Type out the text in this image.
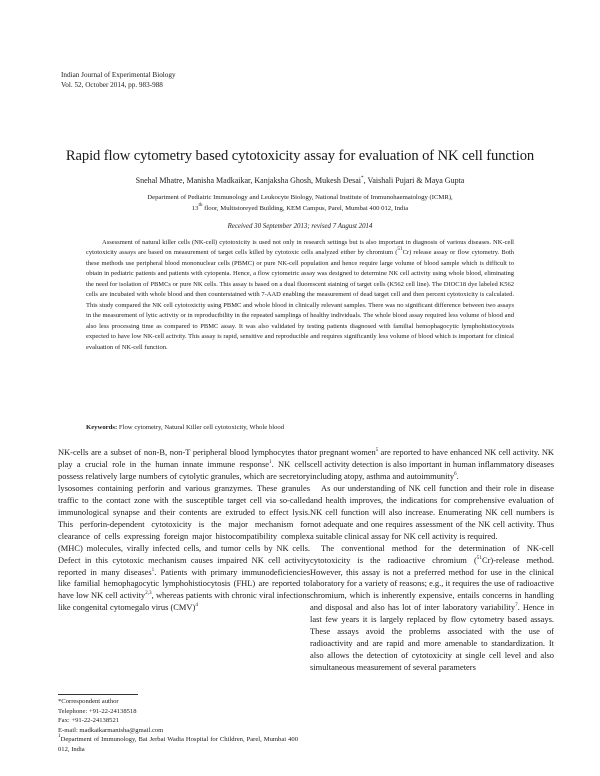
Indian Journal of Experimental Biology
Vol. 52, October 2014, pp. 983-988
Rapid flow cytometry based cytotoxicity assay for evaluation of NK cell function
Snehal Mhatre, Manisha Madkaikar, Kanjaksha Ghosh, Mukesh Desai*, Vaishali Pujari & Maya Gupta
Department of Pediatric Immunology and Leukocyte Biology, National Institute of Immunohaematology (ICMR),
13th floor, Multistoreyed Building, KEM Campus, Parel, Mumbai 400 012, India
Received 30 September 2013; revised 7 August 2014
Assessment of natural killer cells (NK-cell) cytotoxicity is used not only in research settings but is also important in diagnosis of various diseases. NK-cell cytotoxicity assays are based on measurement of target cells killed by cytotoxic cells analyzed either by chromium ($^{51}$Cr) release assay or flow cytometry. Both these methods use peripheral blood mononuclear cells (PBMC) or pure NK-cell population and hence require large volume of blood sample which is difficult to obtain in pediatric patients and patients with cytopenia. Hence, a flow cytometric assay was designed to determine NK cell activity using whole blood, eliminating the need for isolation of PBMCs or pure NK cells. This assay is based on a dual fluorescent staining of target cells (K562 cell line). The DIOC18 dye labeled K562 cells are incubated with whole blood and then counterstained with 7-AAD enabling the measurement of dead target cell and then percent cytotoxicity is calculated. This study compared the NK cell cytotoxicity using PBMC and whole blood in clinically relevant samples. There was no significant difference between two assays in the measurement of lytic activity or in reproducibility in the repeated samplings of healthy individuals. The whole blood assay required less volume of blood and also less processing time as compared to PBMC assay. It was also validated by testing patients diagnosed with familial hemophagocytic lymphohistiocytosis expected to have low NK-cell activity. This assay is rapid, sensitive and reproducible and requires significantly less volume of blood which is important for clinical evaluation of NK-cell function.
Keywords: Flow cytometry, Natural Killer cell cytotoxicity, Whole blood

NK-cells are a subset of non-B, non-T peripheral blood lymphocytes that play a crucial role in the human innate immune response$^1$. NK cells possess relatively large numbers of cytolytic granules, which are secretory lysosomes containing perforin and various granzymes. These granules traffic to the contact zone with the susceptible target cell via so-called immunological synapse and their contents are extruded to effect lysis. This perforin-dependent cytotoxicity is the major mechanism for clearance of cells expressing foreign major histocompatibility complex (MHC) molecules, virally infected cells, and tumor cells by NK cells. Defect in this cytotoxic mechanism causes impaired NK cell activity reported in many diseases$^1$. Patients with primary immunodeficiencies like familial hemophagocytic lymphohistiocytosis (FHL) are reported to have low NK cell activity$^{2,3}$, whereas patients with chronic viral infections like congenital cytomegalo virus (CMV)$^4$

or pregnant women$^5$ are reported to have enhanced NK cell activity. NK cell activity detection is also important in human inflammatory diseases including atopy, asthma and autoimmunity$^6$.

As our understanding of NK cell function and their role in disease and health improves, the indications for comprehensive evaluation of NK cell function will also increase. Enumerating NK cell numbers is not adequate and one requires assessment of the NK cell activity. Thus a suitable clinical assay for NK cell activity is required.

The conventional method for the determination of NK-cell cytotoxicity is the radioactive chromium ($^{51}$Cr)-release method. However, this assay is not a preferred method for use in the clinical laboratory for a variety of reasons; e.g., it requires the use of radioactive chromium, which is inherently expensive, entails concerns in handling and disposal and also has lot of inter laboratory variability$^7$. Hence in last few years it is largely replaced by flow cytometry based assays. These assays avoid the problems associated with the use of radioactivity and are rapid and more amenable to standardization. It also allows the detection of cytotoxicity at single cell level and also simultaneous measurement of several parameters

*Correspondent author
Telephone: +91-22-24138518
Fax: +91-22-24138521
E-mail: madkaikarmanisha@gmail.com
$^1$Department of Immunology, Bai Jerbai Wadia Hospital for Children, Parel, Mumbai 400 012, India
